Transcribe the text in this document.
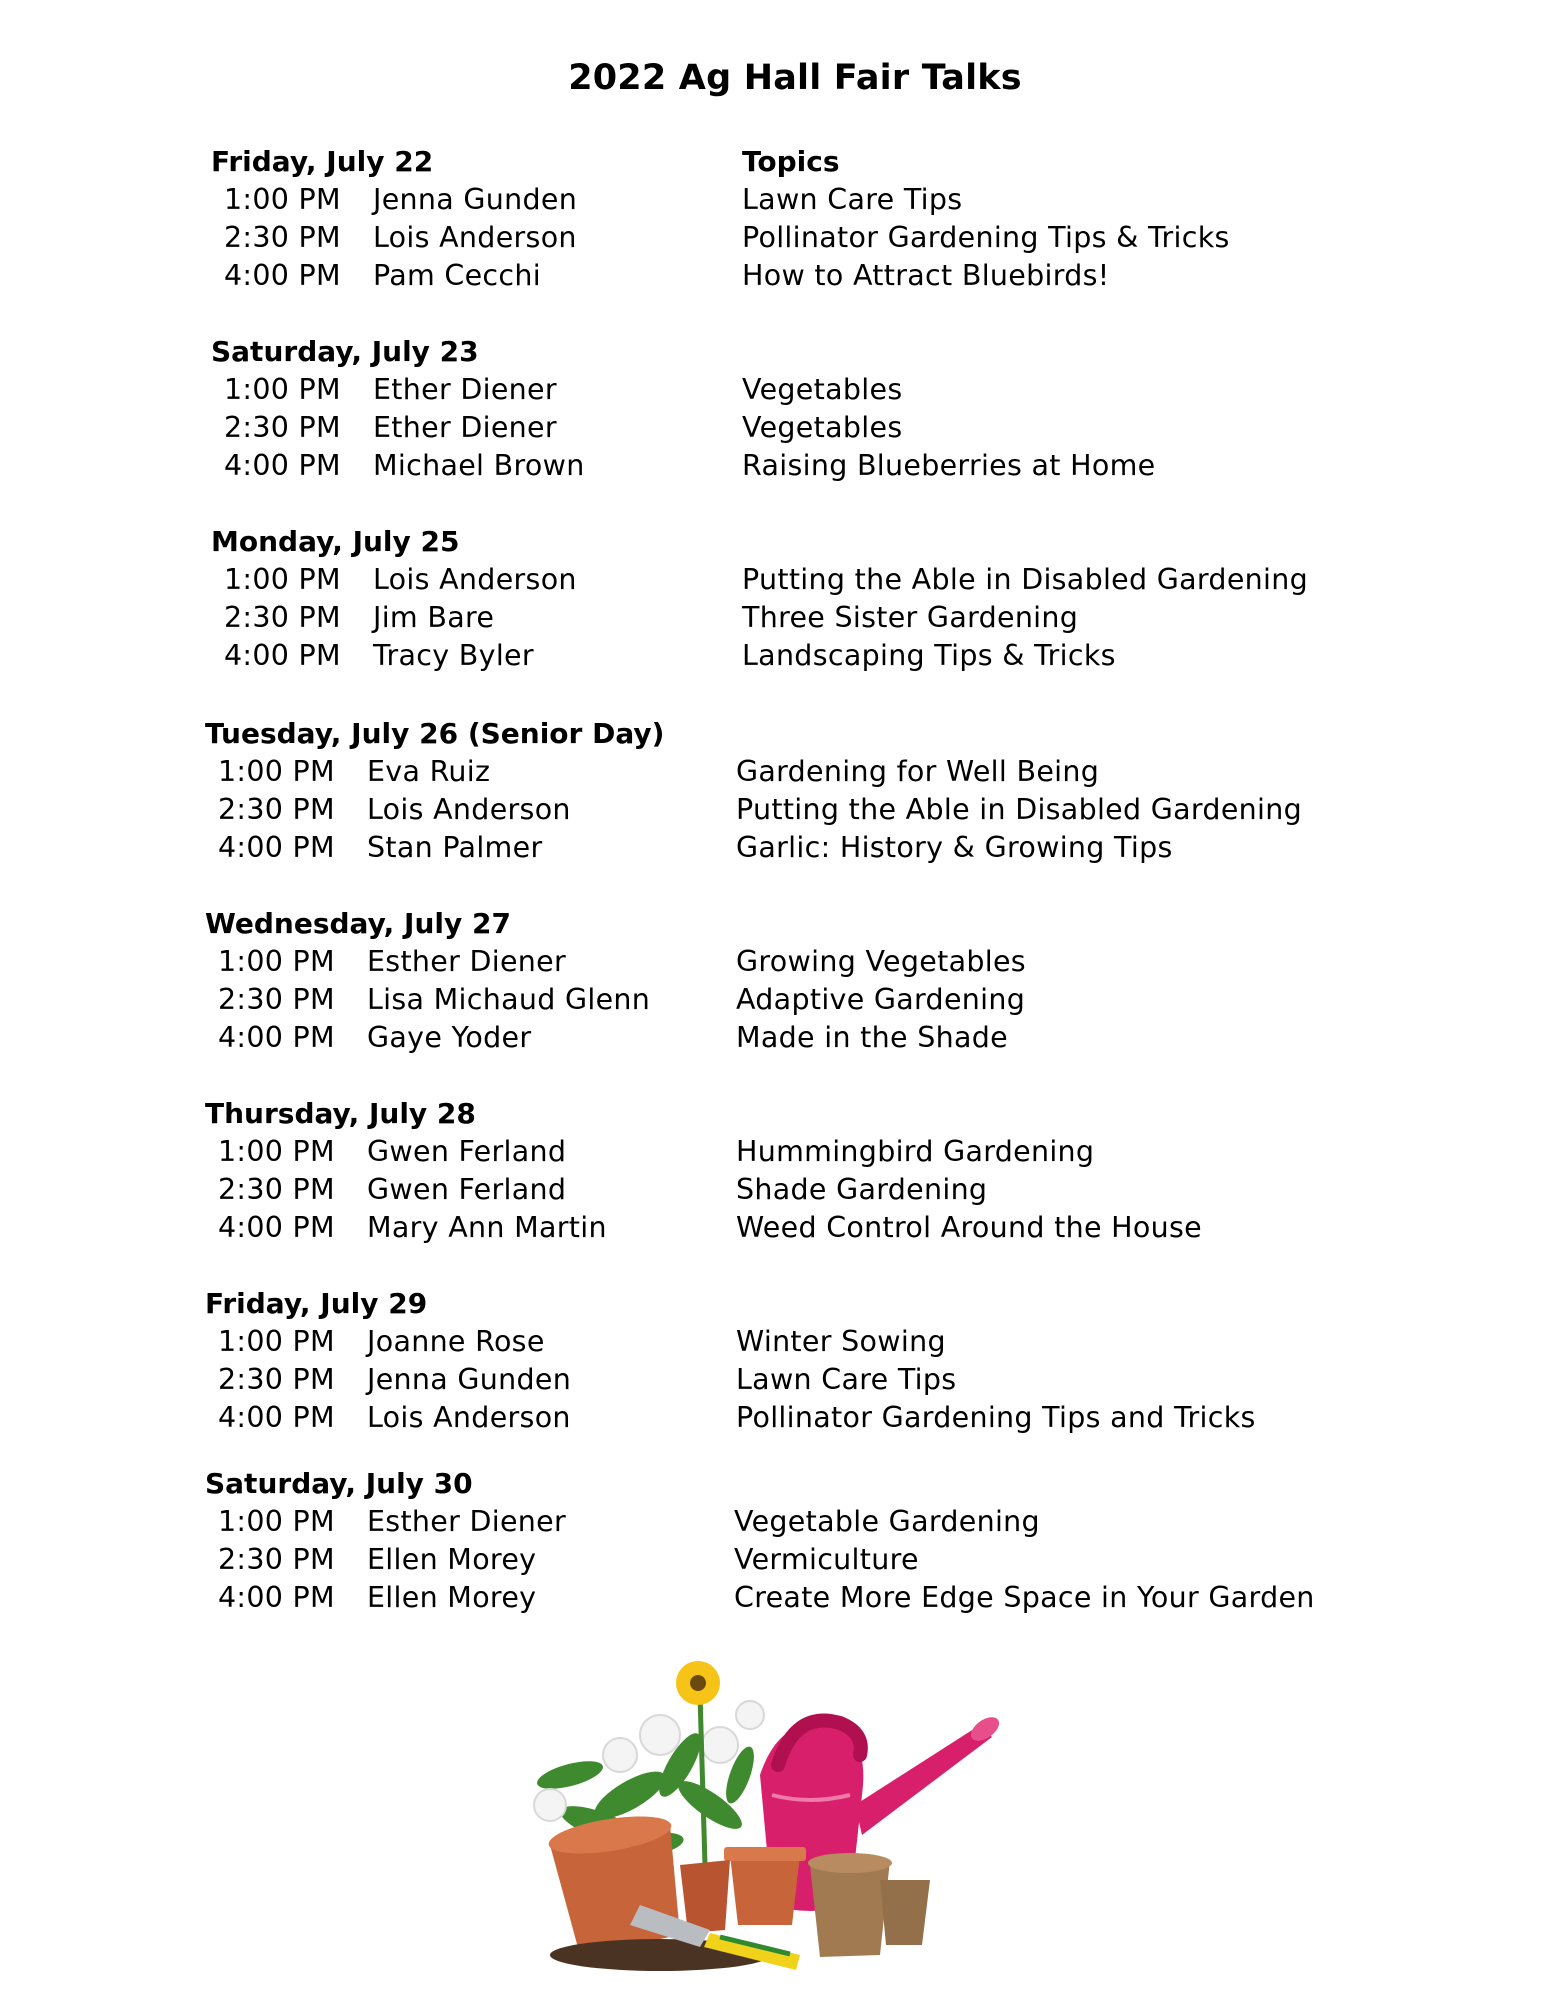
2022 Ag Hall Fair Talks
Friday, July 22	Topics
1:00 PM Jenna Gunden	Lawn Care Tips
2:30 PM Lois Anderson	Pollinator Gardening Tips & Tricks
4:00 PM Pam Cecchi	How to Attract Bluebirds!
Saturday, July 23
1:00 PM Ether Diener	Vegetables
2:30 PM Ether Diener	Vegetables
4:00 PM Michael Brown	Raising Blueberries at Home
Monday, July 25
1:00 PM Lois Anderson	Putting the Able in Disabled Gardening
2:30 PM Jim Bare	Three Sister Gardening
4:00 PM Tracy Byler	Landscaping Tips & Tricks
Tuesday, July 26 (Senior Day)
1:00 PM Eva Ruiz	Gardening for Well Being
2:30 PM Lois Anderson	Putting the Able in Disabled Gardening
4:00 PM Stan Palmer	Garlic: History & Growing Tips
Wednesday, July 27
1:00 PM Esther Diener	Growing Vegetables
2:30 PM Lisa Michaud Glenn	Adaptive Gardening
4:00 PM Gaye Yoder	Made in the Shade
Thursday, July 28
1:00 PM Gwen Ferland	Hummingbird Gardening
2:30 PM Gwen Ferland	Shade Gardening
4:00 PM Mary Ann Martin	Weed Control Around the House
Friday, July 29
1:00 PM Joanne Rose	Winter Sowing
2:30 PM Jenna Gunden	Lawn Care Tips
4:00 PM Lois Anderson	Pollinator Gardening Tips and Tricks
Saturday, July 30
1:00 PM Esther Diener	Vegetable Gardening
2:30 PM Ellen Morey	Vermiculture
4:00 PM Ellen Morey	Create More Edge Space in Your Garden
